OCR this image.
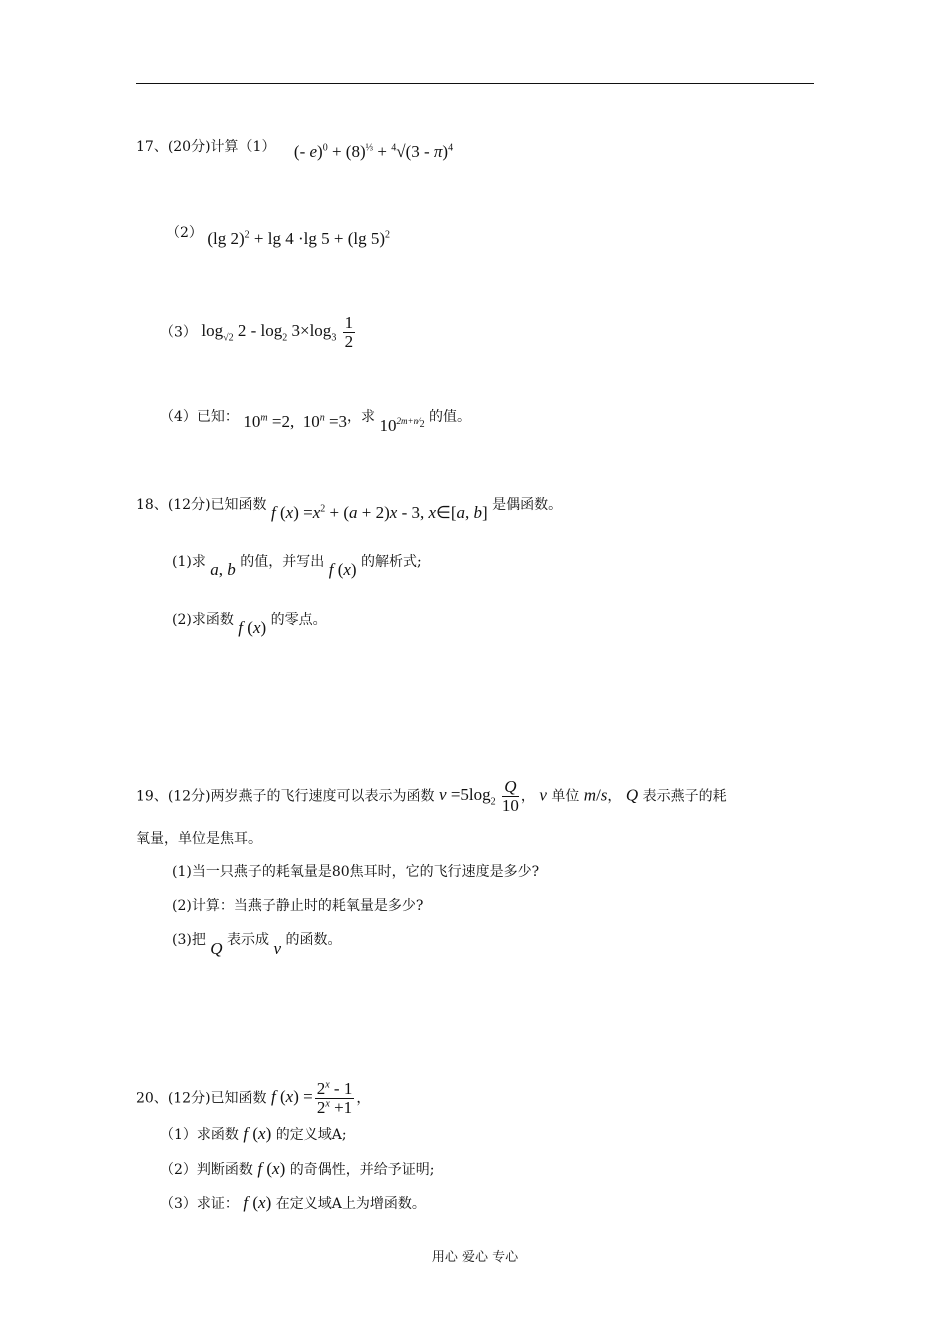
17、(20分)计算（1） (- $e)^0 + (8)^{\frac{1}{3}} + ^4√(3 - \pi)^4$
（2） (lg 2)$^2$ + lg 4 ·lg 5 + (lg 5)$^2$
（3） $\log_{√2} 2 - \log_2 3\times\log_3 \frac{1}{2}$
（4）已知： $10^m =2$,  $10^n =3$，求 $10^{2m+n⁄_2}$ 的值。
18、(12分)已知函数 f $(x) =x^2 + (a + 2)x - 3$, x∈[a, b] 是偶函数。
(1)求 a, b 的值，并写出 f (x) 的解析式;
(2)求函数 f (x) 的零点。
19、(12分)两岁燕子的飞行速度可以表示为函数 $v =5\log_2 \frac{Q}{10}$ ， v 单位 m/s， Q 表示燕子的耗
氧量，单位是焦耳。
(1)当一只燕子的耗氧量是80焦耳时，它的飞行速度是多少?
(2)计算：当燕子静止时的耗氧量是多少?
(3)把 Q 表示成 v 的函数。
20、(12分)已知函数 f $(x) = \frac{2^x - 1}{2^x +1}$ ，
（1）求函数 f (x) 的定义域A;
（2）判断函数 f (x) 的奇偶性，并给予证明;
（3）求证： f (x) 在定义域A上为增函数。
用心 爱心 专心
